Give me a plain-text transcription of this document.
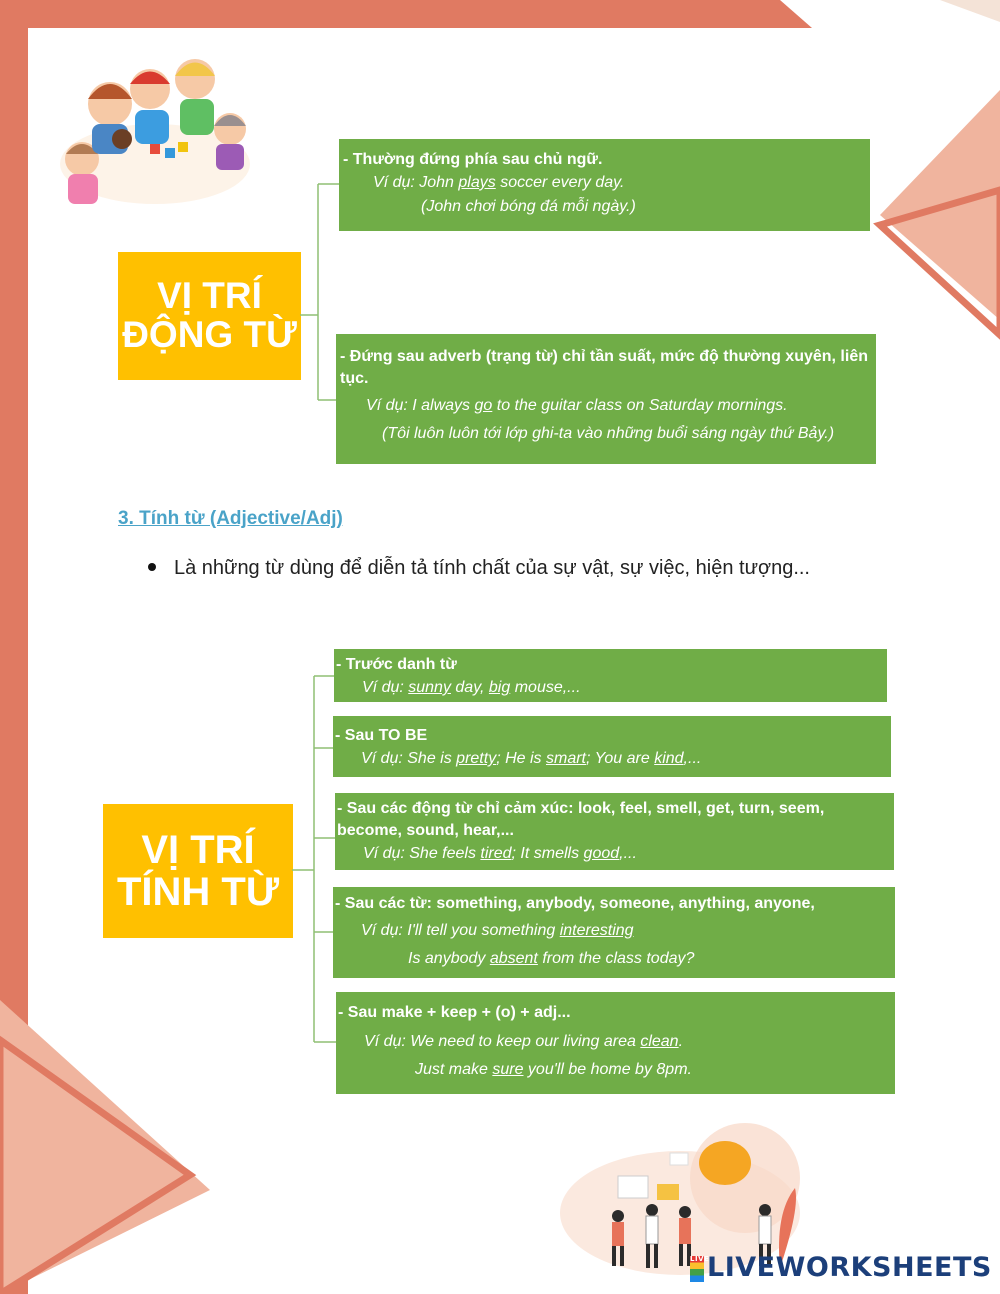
VỊ TRÍ
ĐỘNG TỪ
- Thường đứng phía sau chủ ngữ.
Ví dụ: John plays soccer every day.
(John chơi bóng đá mỗi ngày.)
- Đứng sau adverb (trạng từ) chỉ tần suất, mức độ thường xuyên, liên tục.
Ví dụ: I always go to the guitar class on Saturday mornings.
(Tôi luôn luôn tới lớp ghi-ta vào những buổi sáng ngày thứ Bảy.)
3. Tính từ (Adjective/Adj)
Là những từ dùng để diễn tả tính chất của sự vật, sự việc, hiện tượng...
VỊ TRÍ
TÍNH TỪ
- Trước danh từ
Ví dụ: sunny day, big mouse,...
- Sau TO BE
Ví dụ: She is pretty; He is smart; You are kind,...
- Sau các động từ chỉ cảm xúc: look, feel, smell, get, turn, seem, become, sound, hear,...
Ví dụ: She feels tired; It smells good,...
- Sau các từ: something, anybody, someone, anything, anyone,
Ví dụ: I'll tell you something interesting
Is anybody absent from the class today?
- Sau make + keep + (o) + adj...
Ví dụ: We need to keep our living area clean.
Just make sure you'll be home by 8pm.
LIVELIVEWORKSHEETS
